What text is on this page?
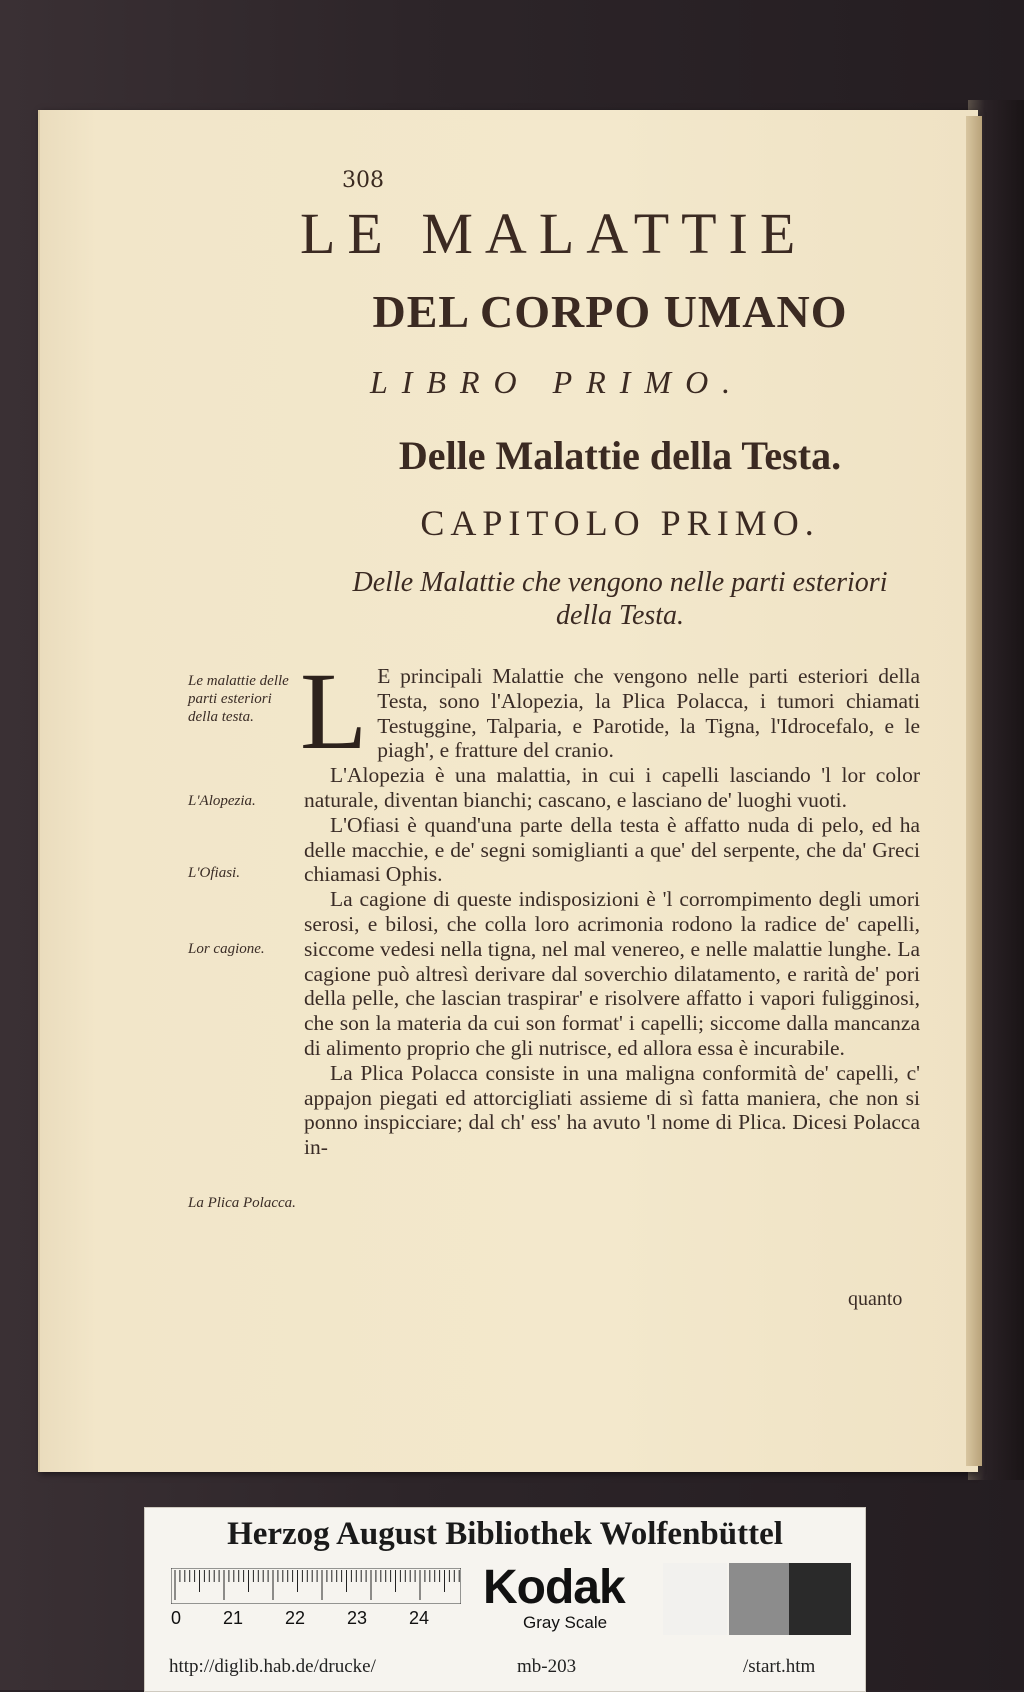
308
LE MALATTIE
DEL CORPO UMANO
LIBRO PRIMO.
Delle Malattie della Testa.
CAPITOLO PRIMO.
Delle Malattie che vengono nelle parti esteriori
della Testa.
Le malattie delle parti esteriori della testa.
L'Alopezia.
L'Ofiasi.
Lor cagione.
La Plica Polacca.

L E principali Malattie che vengono nelle parti esteriori della Testa, sono l'Alopezia, la Plica Polacca, i tumori chiamati Testuggine, Talparia, e Parotide, la Tigna, l'Idrocefalo, e le piagh', e fratture del cranio.

L'Alopezia è una malattia, in cui i capelli lasciando 'l lor color naturale, diventan bianchi; cascano, e lasciano de' luoghi vuoti.

L'Ofiasi è quand'una parte della testa è affatto nuda di pelo, ed ha delle macchie, e de' segni somiglianti a que' del serpente, che da' Greci chiamasi Ophis.

La cagione di queste indisposizioni è 'l corrompimento degli umori serosi, e bilosi, che colla loro acrimonia rodono la radice de' capelli, siccome vedesi nella tigna, nel mal venereo, e nelle malattie lunghe. La cagione può altresì derivare dal soverchio dilatamento, e rarità de' pori della pelle, che lascian traspirar' e risolvere affatto i vapori fuligginosi, che son la materia da cui son format' i capelli; siccome dalla mancanza di alimento proprio che gli nutrisce, ed allora essa è incurabile.

La Plica Polacca consiste in una maligna conformità de' capelli, c' appajon piegati ed attorcigliati assieme di sì fatta maniera, che non si ponno inspicciare; dal ch' ess' ha avuto 'l nome di Plica. Dicesi Polacca in-

quanto
Herzog August Bibliothek Wolfenbüttel
0 21 22 23 24
Kodak
Gray Scale
http://diglib.hab.de/drucke/	mb-203	/start.htm
